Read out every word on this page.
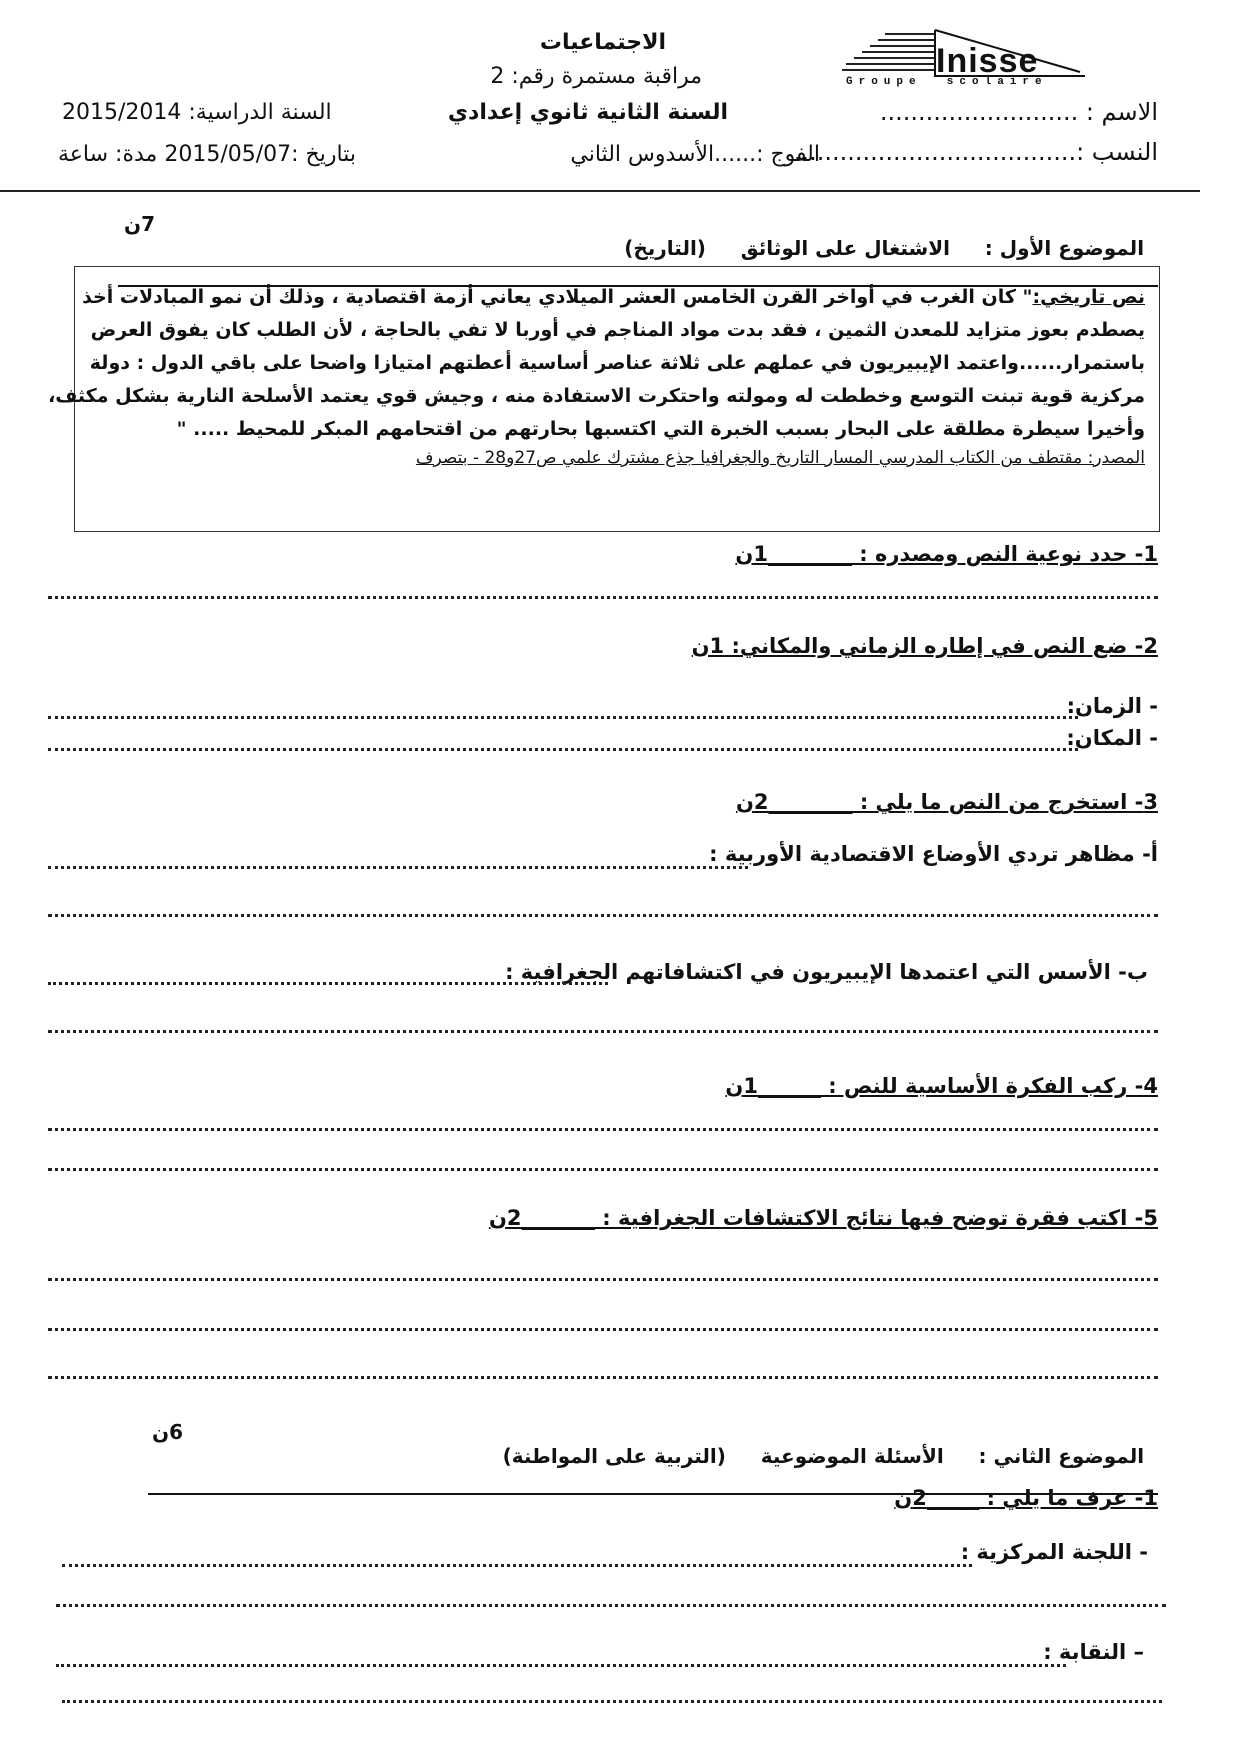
Inisse
Groupe  scolaire
الاجتماعيات
مراقبة مستمرة رقم: 2
السنة الثانية ثانوي إعدادي
السنة الدراسية: 2015/2014	الاسم : ..........................
النسب :.....................................
الفوج :......الأسدوس الثاني
بتاريخ :2015/05/07 مدة: ساعة

الموضوع الأول :     الاشتغال على الوثائق     (التاريخ)

7ن

نص تاريخي:" كان الغرب في أواخر القرن الخامس العشر الميلادي يعاني أزمة اقتصادية ، وذلك أن نمو المبادلات أخذ
يصطدم بعوز متزايد للمعدن الثمين ، فقد بدت مواد المناجم في أوربا لا تفي بالحاجة ، لأن الطلب كان يفوق العرض
باستمرار......واعتمد الإيبيريون في عملهم على ثلاثة عناصر أساسية أعطتهم امتيازا واضحا على باقي الدول : دولة
مركزية قوية تبنت التوسع وخططت له ومولته واحتكرت الاستفادة منه ، وجيش قوي يعتمد الأسلحة النارية بشكل مكثف،
وأخيرا سيطرة مطلقة على البحار بسبب الخبرة التي اكتسبها بحارتهم من اقتحامهم المبكر للمحيط ..... "
المصدر: مقتطف من الكتاب المدرسي المسار التاريخ والجغرافيا جذع مشترك علمي ص27و28 - بتصرف
1- حدد نوعية النص ومصدره : ________1ن
2- ضع النص في إطاره الزماني والمكاني: 1ن
- الزمان:
- المكان:
3- استخرج من النص ما يلي : ________2ن
أ- مظاهر تردي الأوضاع الاقتصادية الأوربية :
ب- الأسس التي اعتمدها الإيبيريون في اكتشافاتهم الجغرافية :
4- ركب الفكرة الأساسية للنص : ______1ن
5- اكتب فقرة توضح فيها نتائج الاكتشافات الجغرافية : _______2ن

الموضوع الثاني :     الأسئلة الموضوعية     (التربية على المواطنة)

6ن

1- عرف ما يلي : _____2ن
- اللجنة المركزية :
– النقابة :
